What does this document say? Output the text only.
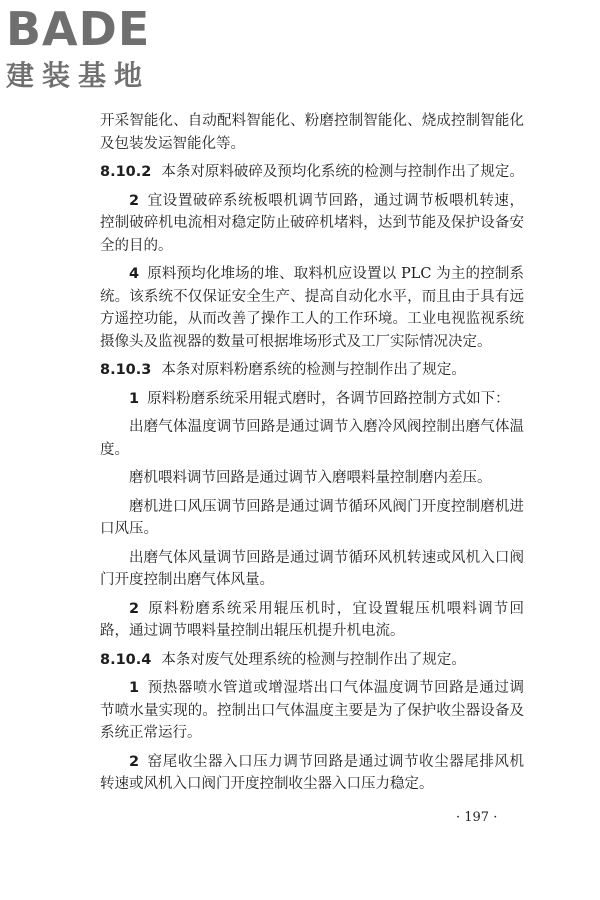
BADE
建装基地

开采智能化、自动配料智能化、粉磨控制智能化、烧成控制智能化及包装发运智能化等。

8.10.2 本条对原料破碎及预均化系统的检测与控制作出了规定。

2 宜设置破碎系统板喂机调节回路，通过调节板喂机转速，控制破碎机电流相对稳定防止破碎机堵料，达到节能及保护设备安全的目的。

4 原料预均化堆场的堆、取料机应设置以 PLC 为主的控制系统。该系统不仅保证安全生产、提高自动化水平，而且由于具有远方遥控功能，从而改善了操作工人的工作环境。工业电视监视系统摄像头及监视器的数量可根据堆场形式及工厂实际情况决定。

8.10.3 本条对原料粉磨系统的检测与控制作出了规定。

1 原料粉磨系统采用辊式磨时，各调节回路控制方式如下：

出磨气体温度调节回路是通过调节入磨冷风阀控制出磨气体温度。

磨机喂料调节回路是通过调节入磨喂料量控制磨内差压。

磨机进口风压调节回路是通过调节循环风阀门开度控制磨机进口风压。

出磨气体风量调节回路是通过调节循环风机转速或风机入口阀门开度控制出磨气体风量。

2 原料粉磨系统采用辊压机时，宜设置辊压机喂料调节回路，通过调节喂料量控制出辊压机提升机电流。

8.10.4 本条对废气处理系统的检测与控制作出了规定。

1 预热器喷水管道或增湿塔出口气体温度调节回路是通过调节喷水量实现的。控制出口气体温度主要是为了保护收尘器设备及系统正常运行。

2 窑尾收尘器入口压力调节回路是通过调节收尘器尾排风机转速或风机入口阀门开度控制收尘器入口压力稳定。

· 197 ·
